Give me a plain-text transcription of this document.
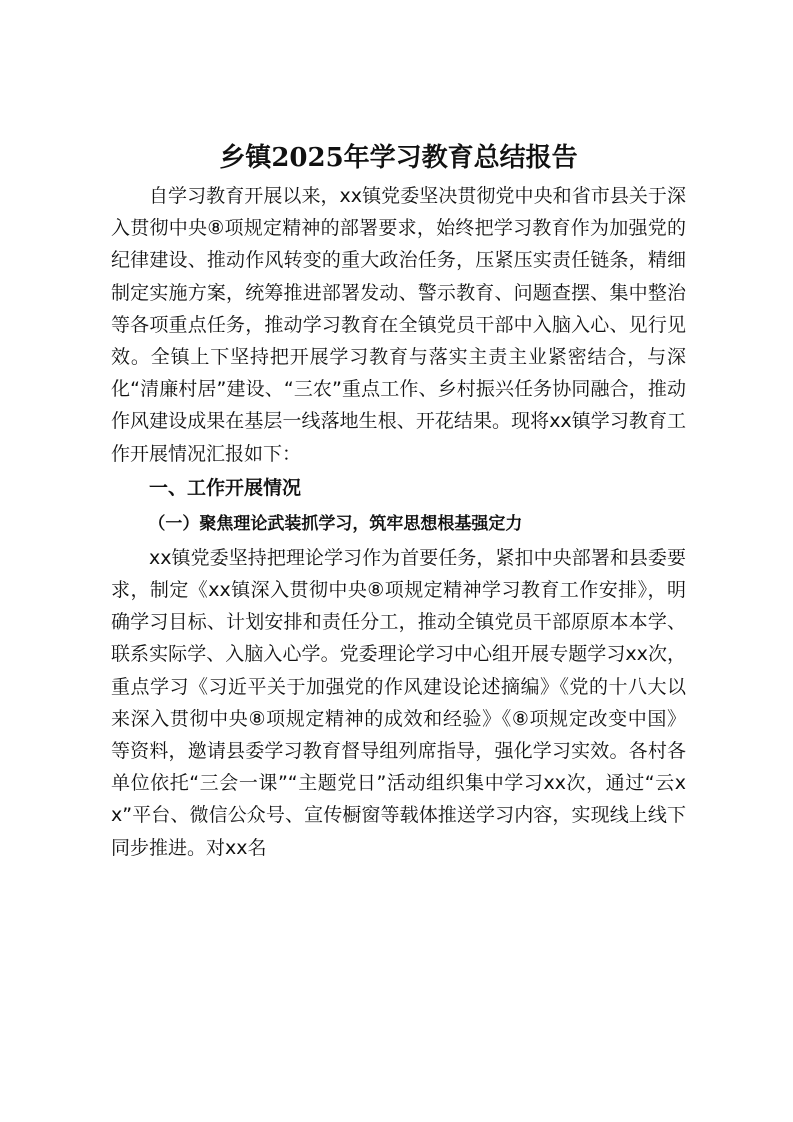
乡镇2025年学习教育总结报告

自学习教育开展以来，xx镇党委坚决贯彻党中央和省市县关于深入贯彻中央⑧项规定精神的部署要求，始终把学习教育作为加强党的纪律建设、推动作风转变的重大政治任务，压紧压实责任链条，精细制定实施方案，统筹推进部署发动、警示教育、问题查摆、集中整治等各项重点任务，推动学习教育在全镇党员干部中入脑入心、见行见效。全镇上下坚持把开展学习教育与落实主责主业紧密结合，与深化“清廉村居”建设、“三农”重点工作、乡村振兴任务协同融合，推动作风建设成果在基层一线落地生根、开花结果。现将xx镇学习教育工作开展情况汇报如下：

一、工作开展情况

（一）聚焦理论武装抓学习，筑牢思想根基强定力

xx镇党委坚持把理论学习作为首要任务，紧扣中央部署和县委要求，制定《xx镇深入贯彻中央⑧项规定精神学习教育工作安排》，明确学习目标、计划安排和责任分工，推动全镇党员干部原原本本学、联系实际学、入脑入心学。党委理论学习中心组开展专题学习xx次，重点学习《习近平关于加强党的作风建设论述摘编》《党的十八大以来深入贯彻中央⑧项规定精神的成效和经验》《⑧项规定改变中国》等资料，邀请县委学习教育督导组列席指导，强化学习实效。各村各单位依托“三会一课”“主题党日”活动组织集中学习xx次，通过“云xx”平台、微信公众号、宣传橱窗等载体推送学习内容，实现线上线下同步推进。对xx名
